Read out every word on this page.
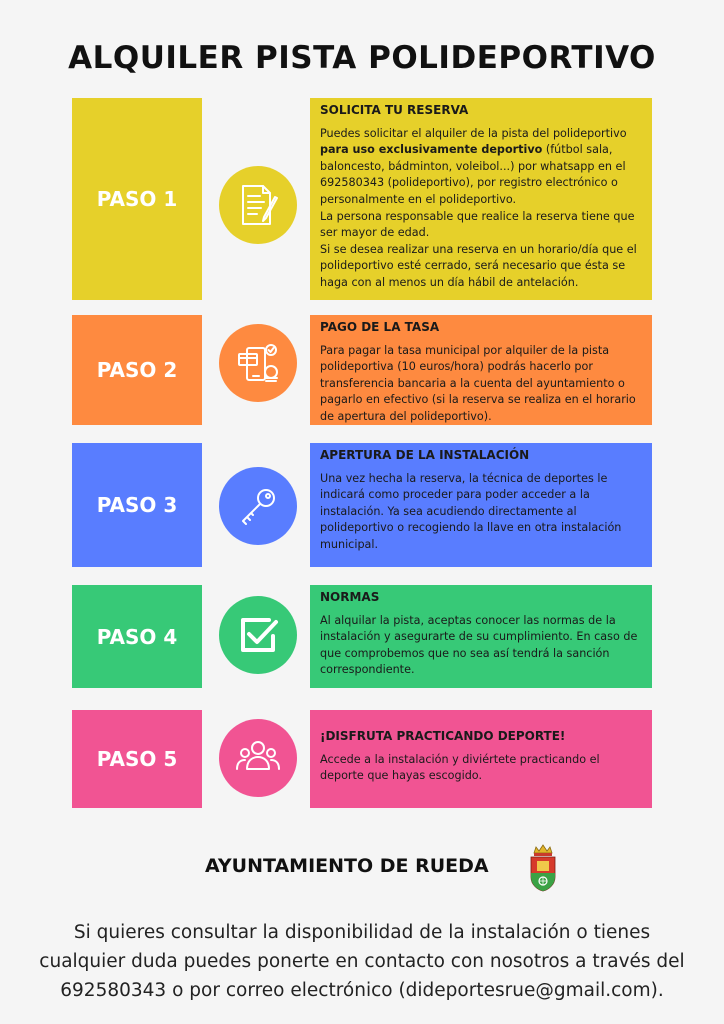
ALQUILER PISTA POLIDEPORTIVO
PASO 1
SOLICITA TU RESERVA

Puedes solicitar el alquiler de la pista del polideportivo para uso exclusivamente deportivo (fútbol sala, baloncesto, bádminton, voleibol...) por whatsapp en el 692580343 (polideportivo), por registro electrónico o personalmente en el polideportivo.

La persona responsable que realice la reserva tiene que ser mayor de edad.

Si se desea realizar una reserva en un horario/día que el polideportivo esté cerrado, será necesario que ésta se haga con al menos un día hábil de antelación.

PASO 2
PAGO DE LA TASA

Para pagar la tasa municipal por alquiler de la pista polideportiva (10 euros/hora) podrás hacerlo por transferencia bancaria a la cuenta del ayuntamiento o pagarlo en efectivo (si la reserva se realiza en el horario de apertura del polideportivo).

PASO 3
APERTURA DE LA INSTALACIÓN

Una vez hecha la reserva, la técnica de deportes le indicará como proceder para poder acceder a la instalación. Ya sea acudiendo directamente al polideportivo o recogiendo la llave en otra instalación municipal.

PASO 4
NORMAS

Al alquilar la pista, aceptas conocer las normas de la instalación y asegurarte de su cumplimiento. En caso de que comprobemos que no sea así tendrá la sanción correspondiente.

PASO 5
¡DISFRUTA PRACTICANDO DEPORTE!

Accede a la instalación y diviértete practicando el deporte que hayas escogido.

AYUNTAMIENTO DE RUEDA
Si quieres consultar la disponibilidad de la instalación o tienes
cualquier duda puedes ponerte en contacto con nosotros a través del
692580343 o por correo electrónico (dideportesrue@gmail.com).
